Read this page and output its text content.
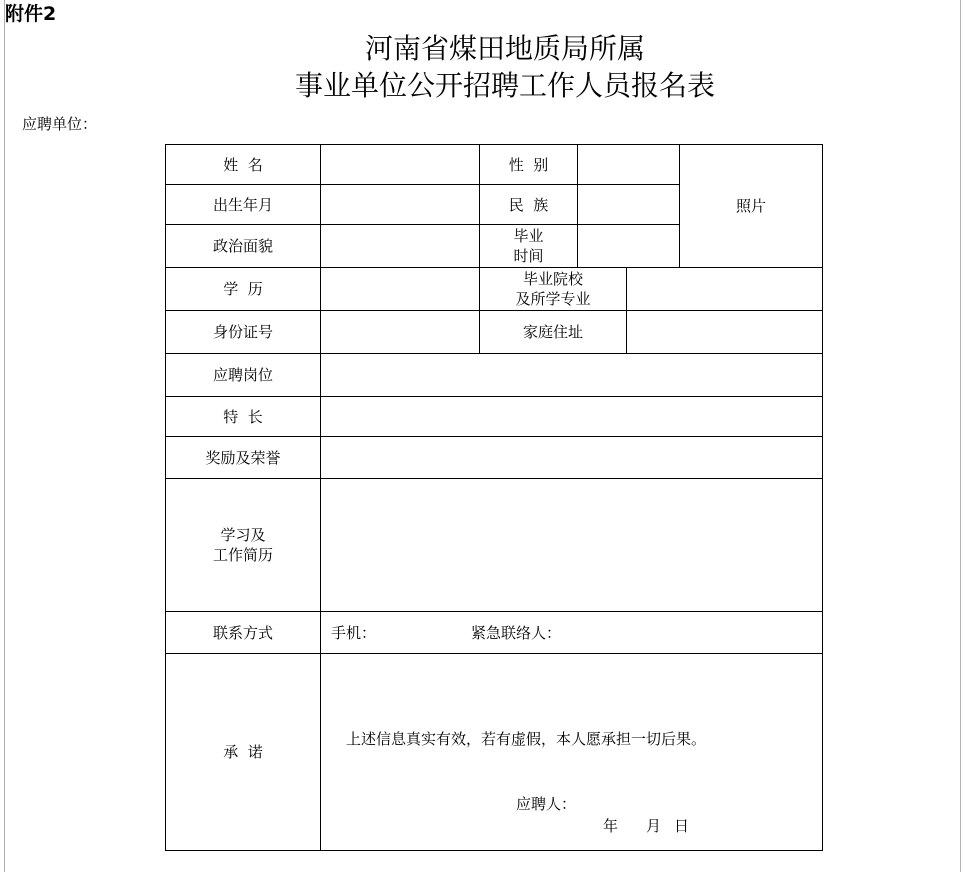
附件2
河南省煤田地质局所属
事业单位公开招聘工作人员报名表
应聘单位：
姓  名		性  别			照片
出生年月		民  族			
政治面貌		毕业
时间			

学  历		毕业院校
及所学专业			

身份证号		家庭住址			
应聘岗位					
特  长					
奖励及荣誉					

学习及
工作简历					

联系方式	手机： 紧急联络人：				
承  诺	上述信息真实有效，若有虚假，本人愿承担一切后果。
应聘人：
年 月 日				
